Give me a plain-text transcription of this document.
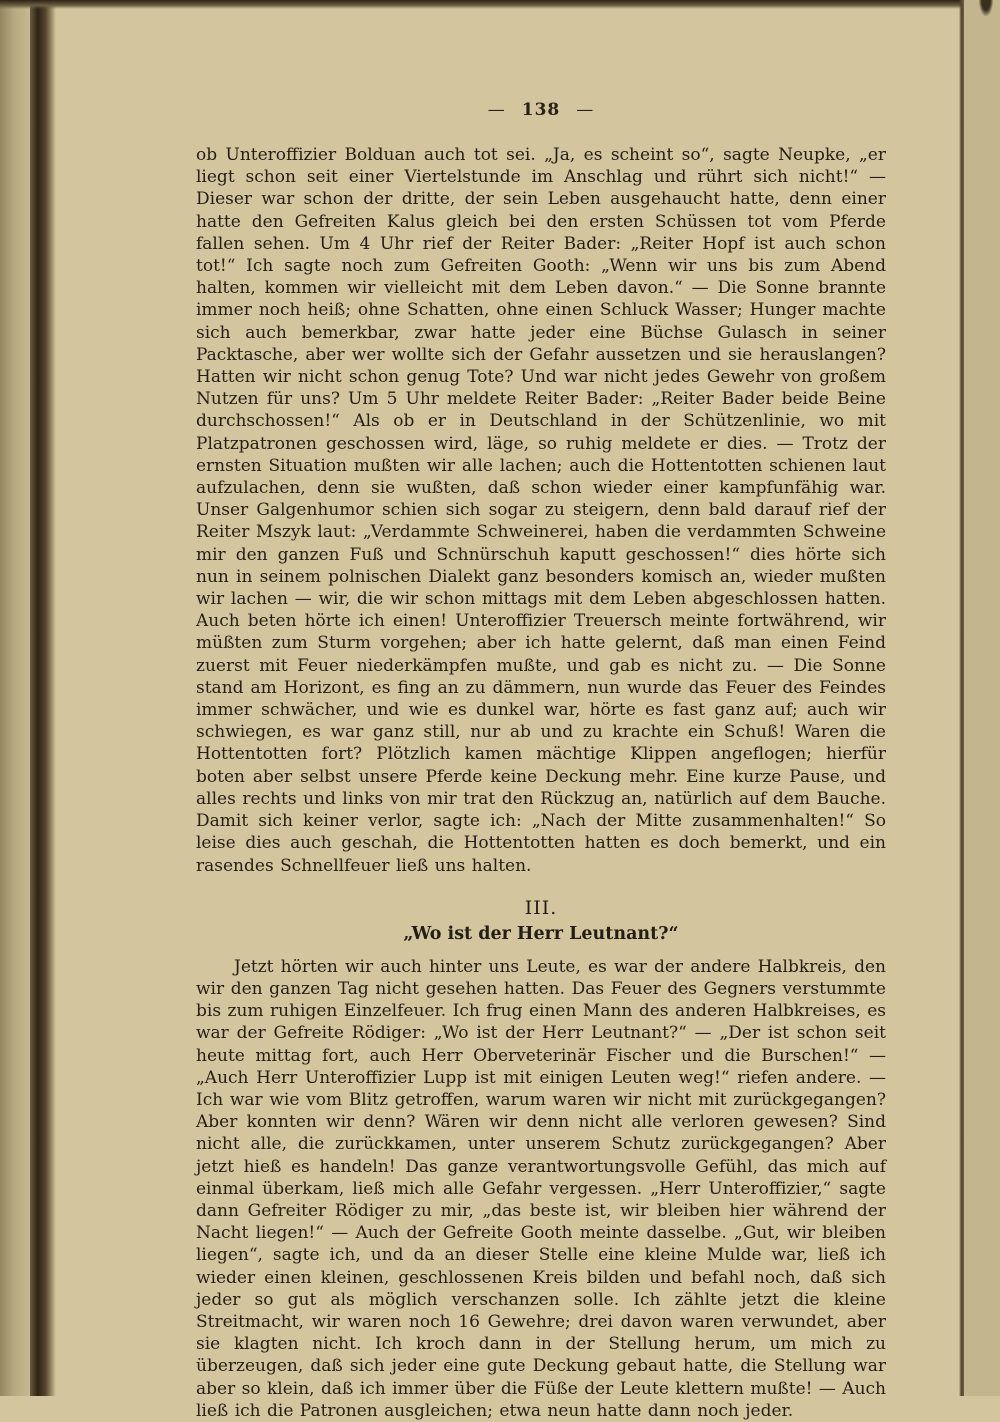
— 138 —

ob Unteroffizier Bolduan auch tot sei. „Ja, es scheint so“, sagte Neupke, „er liegt schon seit einer Viertelstunde im Anschlag und rührt sich nicht!“ — Dieser war schon der dritte, der sein Leben ausgehaucht hatte, denn einer hatte den Gefreiten Kalus gleich bei den ersten Schüssen tot vom Pferde fallen sehen. Um 4 Uhr rief der Reiter Bader: „Reiter Hopf ist auch schon tot!“ Ich sagte noch zum Gefreiten Gooth: „Wenn wir uns bis zum Abend halten, kommen wir vielleicht mit dem Leben davon.“ — Die Sonne brannte immer noch heiß; ohne Schatten, ohne einen Schluck Wasser; Hunger machte sich auch bemerkbar, zwar hatte jeder eine Büchse Gulasch in seiner Packtasche, aber wer wollte sich der Gefahr aussetzen und sie herauslangen? Hatten wir nicht schon genug Tote? Und war nicht jedes Gewehr von großem Nutzen für uns? Um 5 Uhr meldete Reiter Bader: „Reiter Bader beide Beine durchschossen!“ Als ob er in Deutschland in der Schützenlinie, wo mit Platzpatronen geschossen wird, läge, so ruhig meldete er dies. — Trotz der ernsten Situation mußten wir alle lachen; auch die Hottentotten schienen laut aufzulachen, denn sie wußten, daß schon wieder einer kampfunfähig war. Unser Galgenhumor schien sich sogar zu steigern, denn bald darauf rief der Reiter Mszyk laut: „Verdammte Schweinerei, haben die verdammten Schweine mir den ganzen Fuß und Schnürschuh kaputt geschossen!“ dies hörte sich nun in seinem polnischen Dialekt ganz besonders komisch an, wieder mußten wir lachen — wir, die wir schon mittags mit dem Leben abgeschlossen hatten. Auch beten hörte ich einen! Unteroffizier Treuersch meinte fortwährend, wir müßten zum Sturm vorgehen; aber ich hatte gelernt, daß man einen Feind zuerst mit Feuer niederkämpfen mußte, und gab es nicht zu. — Die Sonne stand am Horizont, es fing an zu dämmern, nun wurde das Feuer des Feindes immer schwächer, und wie es dunkel war, hörte es fast ganz auf; auch wir schwiegen, es war ganz still, nur ab und zu krachte ein Schuß! Waren die Hottentotten fort? Plötzlich kamen mächtige Klippen angeflogen; hierfür boten aber selbst unsere Pferde keine Deckung mehr. Eine kurze Pause, und alles rechts und links von mir trat den Rückzug an, natürlich auf dem Bauche. Damit sich keiner verlor, sagte ich: „Nach der Mitte zusammenhalten!“ So leise dies auch geschah, die Hottentotten hatten es doch bemerkt, und ein rasendes Schnellfeuer ließ uns halten.

III.
„Wo ist der Herr Leutnant?“

Jetzt hörten wir auch hinter uns Leute, es war der andere Halbkreis, den wir den ganzen Tag nicht gesehen hatten. Das Feuer des Gegners verstummte bis zum ruhigen Einzelfeuer. Ich frug einen Mann des anderen Halbkreises, es war der Gefreite Rödiger: „Wo ist der Herr Leutnant?“ — „Der ist schon seit heute mittag fort, auch Herr Oberveterinär Fischer und die Burschen!“ — „Auch Herr Unteroffizier Lupp ist mit einigen Leuten weg!“ riefen andere. — Ich war wie vom Blitz getroffen, warum waren wir nicht mit zurückgegangen? Aber konnten wir denn? Wären wir denn nicht alle verloren gewesen? Sind nicht alle, die zurückkamen, unter unserem Schutz zurückgegangen? Aber jetzt hieß es handeln! Das ganze verantwortungsvolle Gefühl, das mich auf einmal überkam, ließ mich alle Gefahr vergessen. „Herr Unteroffizier,“ sagte dann Gefreiter Rödiger zu mir, „das beste ist, wir bleiben hier während der Nacht liegen!“ — Auch der Gefreite Gooth meinte dasselbe. „Gut, wir bleiben liegen“, sagte ich, und da an dieser Stelle eine kleine Mulde war, ließ ich wieder einen kleinen, geschlossenen Kreis bilden und befahl noch, daß sich jeder so gut als möglich verschanzen solle. Ich zählte jetzt die kleine Streitmacht, wir waren noch 16 Gewehre; drei davon waren verwundet, aber sie klagten nicht. Ich kroch dann in der Stellung herum, um mich zu überzeugen, daß sich jeder eine gute Deckung gebaut hatte, die Stellung war aber so klein, daß ich immer über die Füße der Leute klettern mußte! — Auch ließ ich die Patronen ausgleichen; etwa neun hatte dann noch jeder.
